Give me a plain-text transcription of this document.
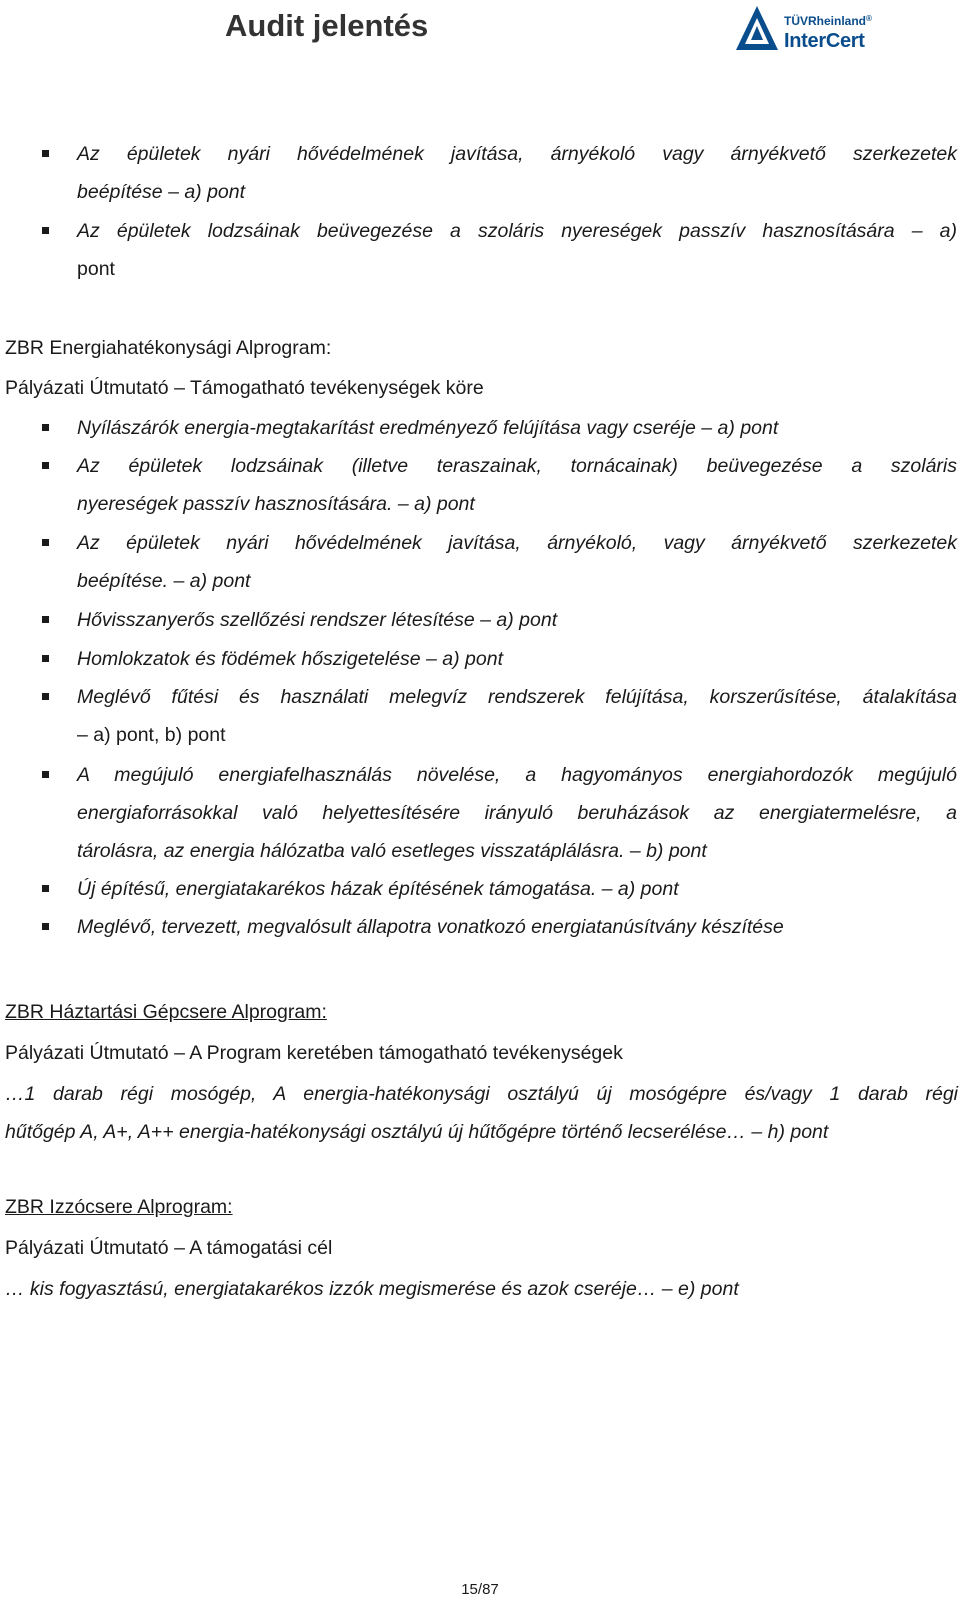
Audit jelentés	TÜVRheinland®
InterCert
Az épületek nyári hővédelmének javítása, árnyékoló vagy árnyékvető szerkezetek
beépítése – a) pont
Az épületek lodzsáinak beüvegezése a szoláris nyereségek passzív hasznosítására – a)
pont
ZBR Energiahatékonysági Alprogram:
Pályázati Útmutató – Támogatható tevékenységek köre
Nyílászárók energia-megtakarítást eredményező felújítása vagy cseréje – a) pont
Az épületek lodzsáinak (illetve teraszainak, tornácainak) beüvegezése a szoláris
nyereségek passzív hasznosítására. – a) pont
Az épületek nyári hővédelmének javítása, árnyékoló, vagy árnyékvető szerkezetek
beépítése. – a) pont
Hővisszanyerős szellőzési rendszer létesítése – a) pont
Homlokzatok és födémek hőszigetelése – a) pont
Meglévő fűtési és használati melegvíz rendszerek felújítása, korszerűsítése, átalakítása
– a) pont, b) pont
A megújuló energiafelhasználás növelése, a hagyományos energiahordozók megújuló
energiaforrásokkal való helyettesítésére irányuló beruházások az energiatermelésre, a
tárolásra, az energia hálózatba való esetleges visszatáplálásra. – b) pont
Új építésű, energiatakarékos házak építésének támogatása. – a) pont
Meglévő, tervezett, megvalósult állapotra vonatkozó energiatanúsítvány készítése
ZBR Háztartási Gépcsere Alprogram:
Pályázati Útmutató – A Program keretében támogatható tevékenységek
…1 darab régi mosógép, A energia-hatékonysági osztályú új mosógépre és/vagy 1 darab régi
hűtőgép A, A+, A++ energia-hatékonysági osztályú új hűtőgépre történő lecserélése… – h) pont
ZBR Izzócsere Alprogram:
Pályázati Útmutató – A támogatási cél
… kis fogyasztású, energiatakarékos izzók megismerése és azok cseréje… – e) pont
15/87
